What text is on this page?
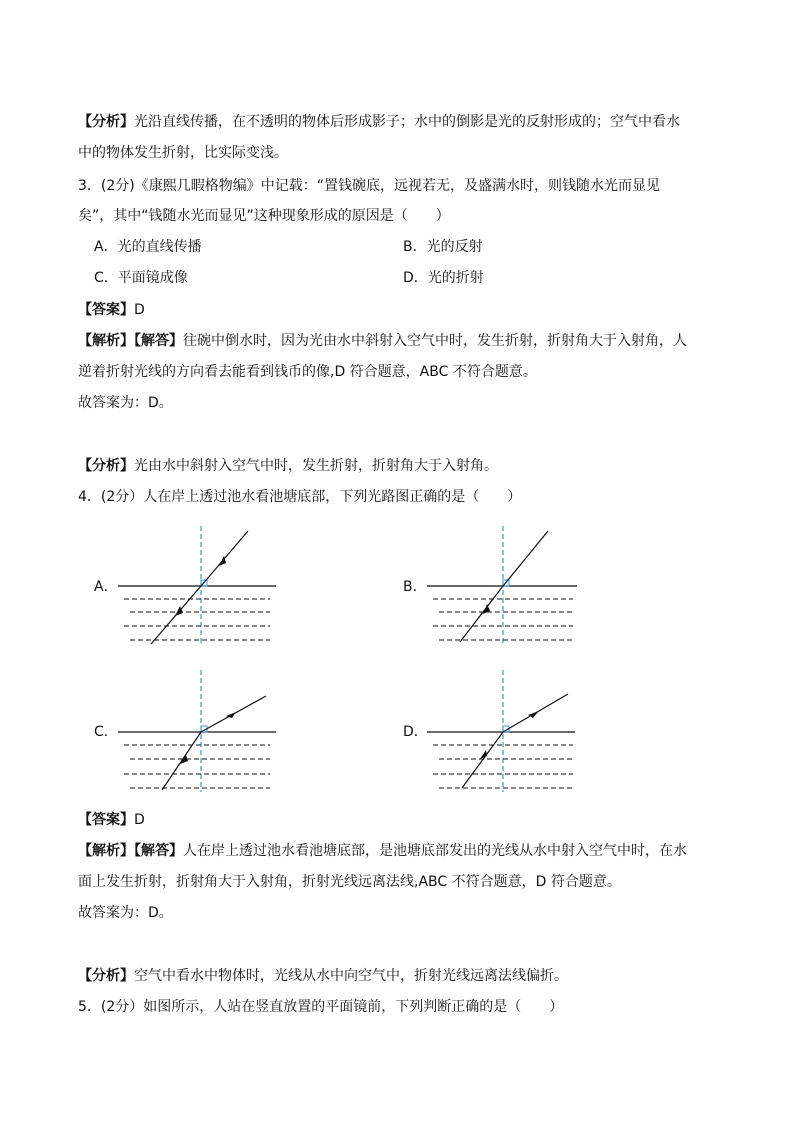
【分析】光沿直线传播，在不透明的物体后形成影子；水中的倒影是光的反射形成的；空气中看水
中的物体发生折射，比实际变浅。
3．(2分)《康熙几暇格物编》中记载：“置钱碗底，远视若无，及盛满水时，则钱随水光而显见
矣”，其中“钱随水光而显见”这种现象形成的原因是（　　）
A．光的直线传播	B．光的反射
C．平面镜成像	D．光的折射
【答案】D
【解析】【解答】往碗中倒水时，因为光由水中斜射入空气中时，发生折射，折射角大于入射角，人
逆着折射光线的方向看去能看到钱币的像,D 符合题意，ABC 不符合题意。
故答案为：D。
【分析】光由水中斜射入空气中时，发生折射，折射角大于入射角。
4．(2分）人在岸上透过池水看池塘底部，下列光路图正确的是（　　）
A．	B．
C．	D．
【答案】D
【解析】【解答】人在岸上透过池水看池塘底部，是池塘底部发出的光线从水中射入空气中时，在水
面上发生折射，折射角大于入射角，折射光线远离法线,ABC 不符合题意，D 符合题意。
故答案为：D。
【分析】空气中看水中物体时，光线从水中向空气中，折射光线远离法线偏折。
5．(2分）如图所示，人站在竖直放置的平面镜前，下列判断正确的是（　　）
